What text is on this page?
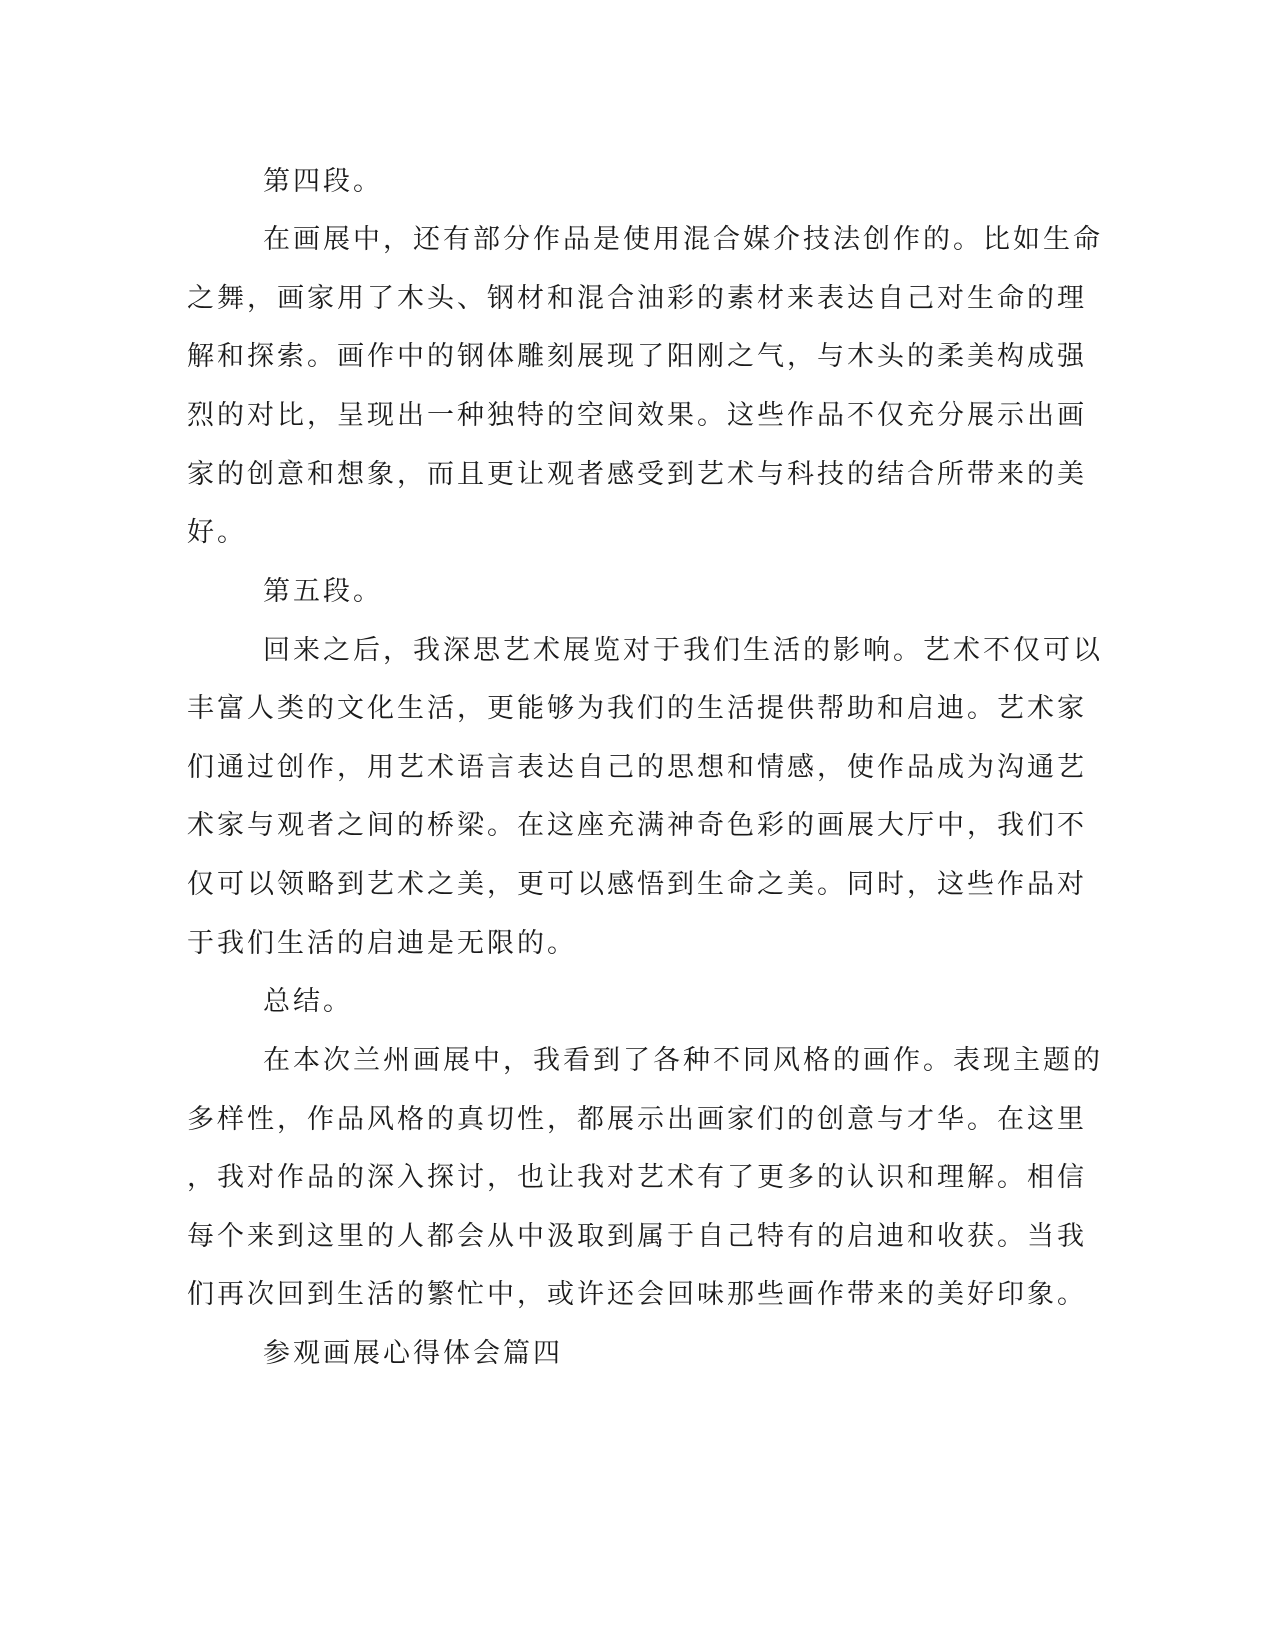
第四段。
在画展中，还有部分作品是使用混合媒介技法创作的。比如生命
之舞，画家用了木头、钢材和混合油彩的素材来表达自己对生命的理
解和探索。画作中的钢体雕刻展现了阳刚之气，与木头的柔美构成强
烈的对比，呈现出一种独特的空间效果。这些作品不仅充分展示出画
家的创意和想象，而且更让观者感受到艺术与科技的结合所带来的美
好。
第五段。
回来之后，我深思艺术展览对于我们生活的影响。艺术不仅可以
丰富人类的文化生活，更能够为我们的生活提供帮助和启迪。艺术家
们通过创作，用艺术语言表达自己的思想和情感，使作品成为沟通艺
术家与观者之间的桥梁。在这座充满神奇色彩的画展大厅中，我们不
仅可以领略到艺术之美，更可以感悟到生命之美。同时，这些作品对
于我们生活的启迪是无限的。
总结。
在本次兰州画展中，我看到了各种不同风格的画作。表现主题的
多样性，作品风格的真切性，都展示出画家们的创意与才华。在这里
，我对作品的深入探讨，也让我对艺术有了更多的认识和理解。相信
每个来到这里的人都会从中汲取到属于自己特有的启迪和收获。当我
们再次回到生活的繁忙中，或许还会回味那些画作带来的美好印象。
参观画展心得体会篇四
